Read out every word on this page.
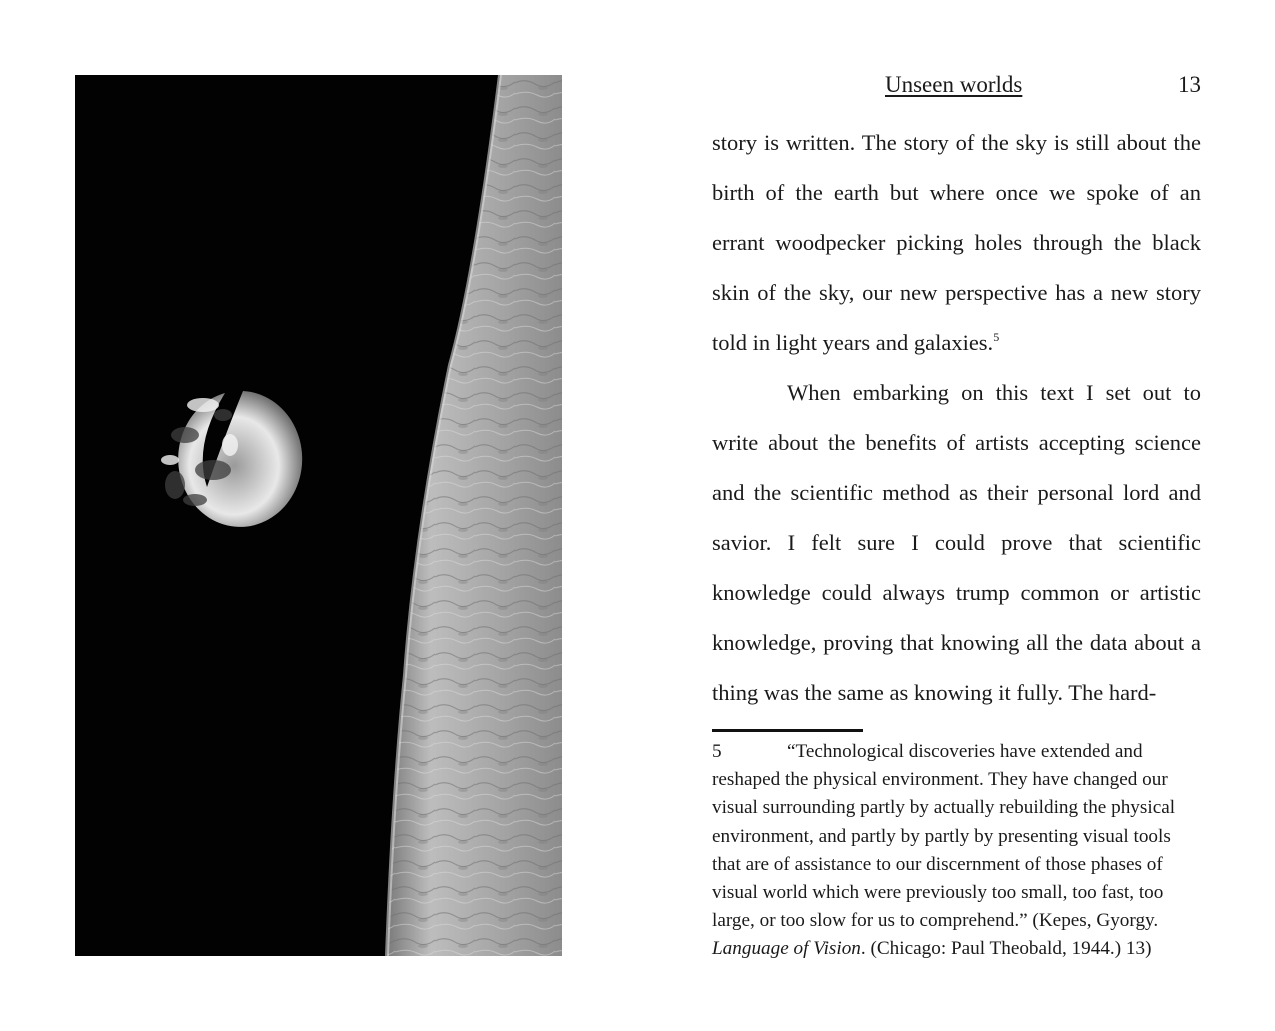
Unseen worlds	13

story is written. The story of the sky is still about the birth of the earth but where once we spoke of an errant woodpecker picking holes through the black skin of the sky, our new perspective has a new story told in light years and galaxies.$^5$

When embarking on this text I set out to write about the benefits of artists accepting science and the scientific method as their personal lord and savior. I felt sure I could prove that scientific knowledge could always trump common or artistic knowledge, proving that knowing all the data about a thing was the same as knowing it fully. The hard-

5	“Technological discoveries have extended and reshaped the physical environment. They have changed our visual surrounding partly by actually rebuilding the physical environment, and partly by partly by presenting visual tools that are of assistance to our discernment of those phases of visual world which were previously too small, too fast, too large, or too slow for us to comprehend.” (Kepes, Gyorgy. Language of Vision. (Chicago: Paul Theobald, 1944.) 13)
